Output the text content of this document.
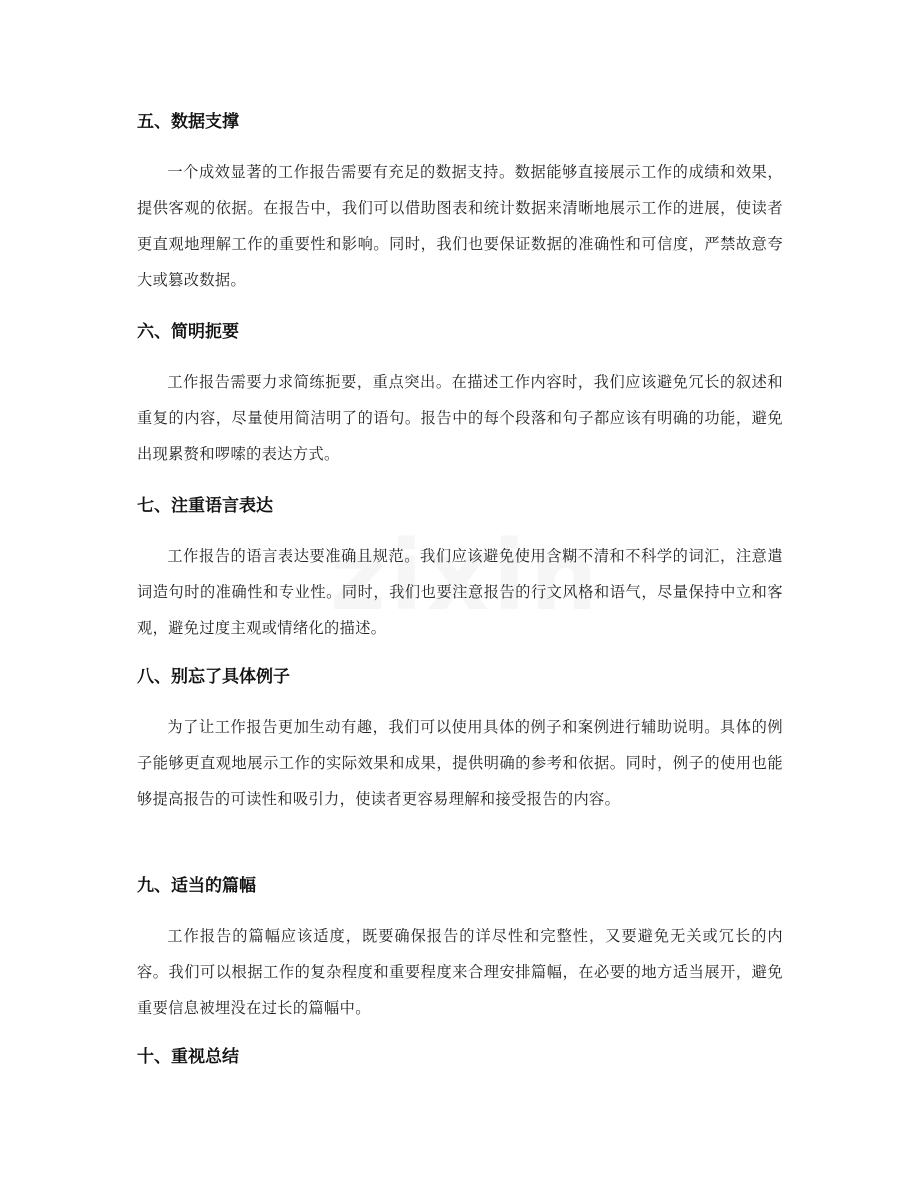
五、数据支撑

一个成效显著的工作报告需要有充足的数据支持。数据能够直接展示工作的成绩和效果，提供客观的依据。在报告中，我们可以借助图表和统计数据来清晰地展示工作的进展，使读者更直观地理解工作的重要性和影响。同时，我们也要保证数据的准确性和可信度，严禁故意夸大或篡改数据。

六、简明扼要

工作报告需要力求简练扼要，重点突出。在描述工作内容时，我们应该避免冗长的叙述和重复的内容，尽量使用简洁明了的语句。报告中的每个段落和句子都应该有明确的功能，避免出现累赘和啰嗦的表达方式。

七、注重语言表达

工作报告的语言表达要准确且规范。我们应该避免使用含糊不清和不科学的词汇，注意遣词造句时的准确性和专业性。同时，我们也要注意报告的行文风格和语气，尽量保持中立和客观，避免过度主观或情绪化的描述。

八、别忘了具体例子

为了让工作报告更加生动有趣，我们可以使用具体的例子和案例进行辅助说明。具体的例子能够更直观地展示工作的实际效果和成果，提供明确的参考和依据。同时，例子的使用也能够提高报告的可读性和吸引力，使读者更容易理解和接受报告的内容。

九、适当的篇幅

工作报告的篇幅应该适度，既要确保报告的详尽性和完整性，又要避免无关或冗长的内容。我们可以根据工作的复杂程度和重要程度来合理安排篇幅，在必要的地方适当展开，避免重要信息被埋没在过长的篇幅中。

十、重视总结
